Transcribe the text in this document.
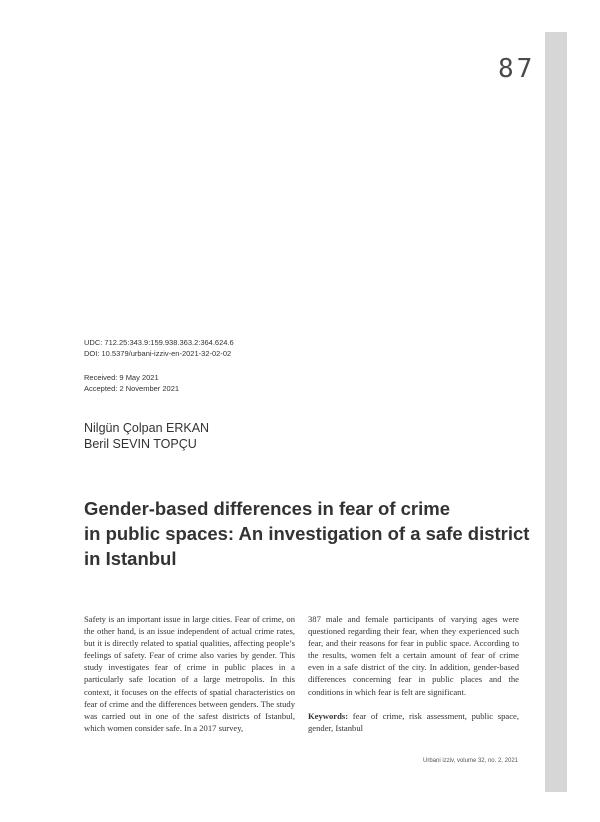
87
UDC: 712.25:343.9:159.938.363.2:364.624.6
DOI: 10.5379/urbani-izziv-en-2021-32-02-02
Received: 9 May 2021
Accepted: 2 November 2021
Nilgün Çolpan ERKAN
Beril SEVIN TOPÇU
Gender-based differences in fear of crime
in public spaces: An investigation of a safe district
in Istanbul

Safety is an important issue in large cities. Fear of crime, on the other hand, is an issue independent of actual crime rates, but it is directly related to spatial qualities, affecting people’s feelings of safety. Fear of crime also varies by gender. This study investigates fear of crime in public places in a particularly safe location of a large metropolis. In this context, it focuses on the effects of spatial characteristics on fear of crime and the differences between genders. The study was carried out in one of the safest districts of Istanbul, which women consider safe. In a 2017 survey,

387 male and female participants of varying ages were questioned regarding their fear, when they experienced such fear, and their reasons for fear in public space. According to the results, women felt a certain amount of fear of crime even in a safe district of the city. In addition, gender-based differences concerning fear in public places and the conditions in which fear is felt are significant.
Keywords: fear of crime, risk assessment, public space, gender, Istanbul
Urbani izziv, volume 32, no. 2, 2021
